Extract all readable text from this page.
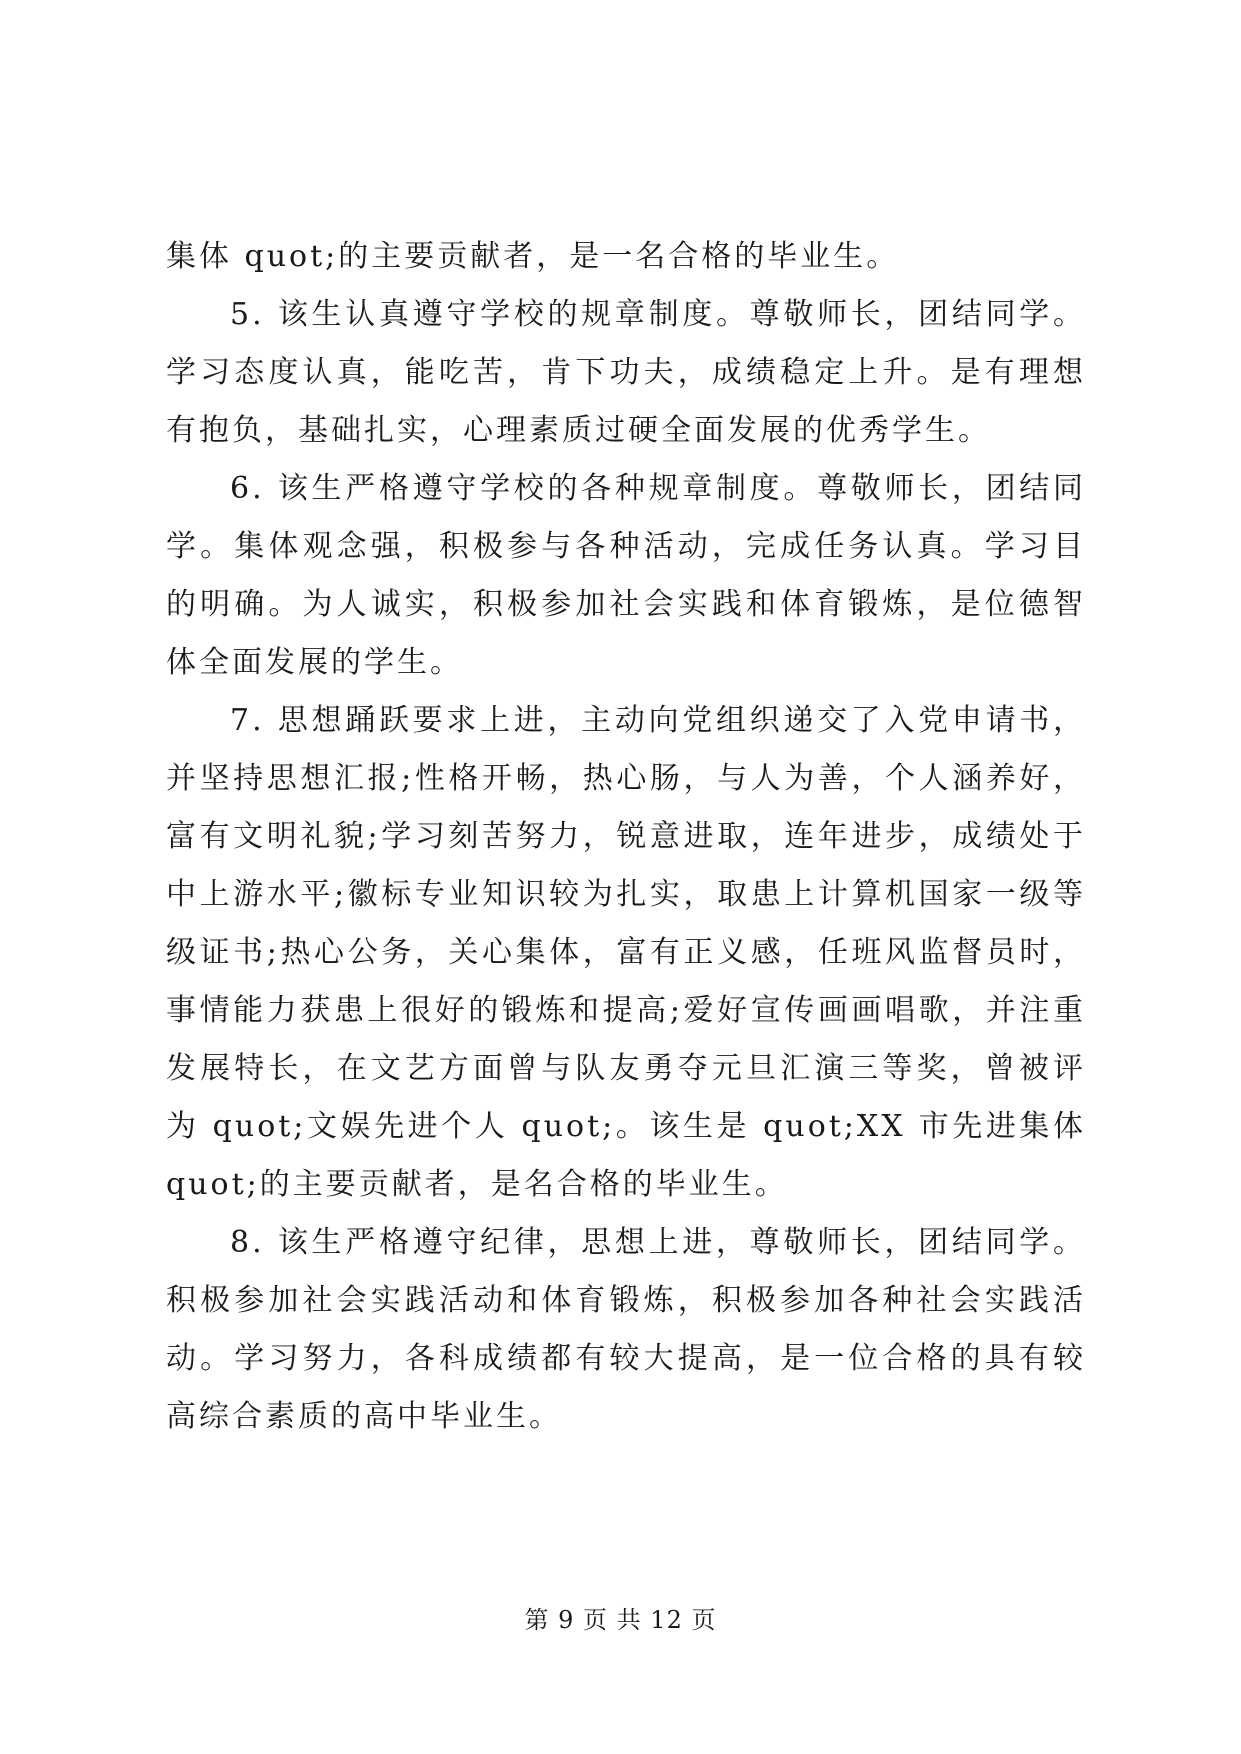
集体 quot;的主要贡献者，是一名合格的毕业生。

5. 该生认真遵守学校的规章制度。尊敬师长，团结同学。学习态度认真，能吃苦，肯下功夫，成绩稳定上升。是有理想有抱负，基础扎实，心理素质过硬全面发展的优秀学生。

6. 该生严格遵守学校的各种规章制度。尊敬师长，团结同学。集体观念强，积极参与各种活动，完成任务认真。学习目的明确。为人诚实，积极参加社会实践和体育锻炼，是位德智体全面发展的学生。

7. 思想踊跃要求上进，主动向党组织递交了入党申请书，并坚持思想汇报;性格开畅，热心肠，与人为善，个人涵养好，富有文明礼貌;学习刻苦努力，锐意进取，连年进步，成绩处于中上游水平;徽标专业知识较为扎实，取患上计算机国家一级等级证书;热心公务，关心集体，富有正义感，任班风监督员时，事情能力获患上很好的锻炼和提高;爱好宣传画画唱歌，并注重发展特长，在文艺方面曾与队友勇夺元旦汇演三等奖，曾被评为 quot;文娱先进个人 quot;。该生是 quot;XX 市先进集体 quot;的主要贡献者，是名合格的毕业生。

8. 该生严格遵守纪律，思想上进，尊敬师长，团结同学。积极参加社会实践活动和体育锻炼，积极参加各种社会实践活动。学习努力，各科成绩都有较大提高，是一位合格的具有较高综合素质的高中毕业生。

第 9 页 共 12 页
